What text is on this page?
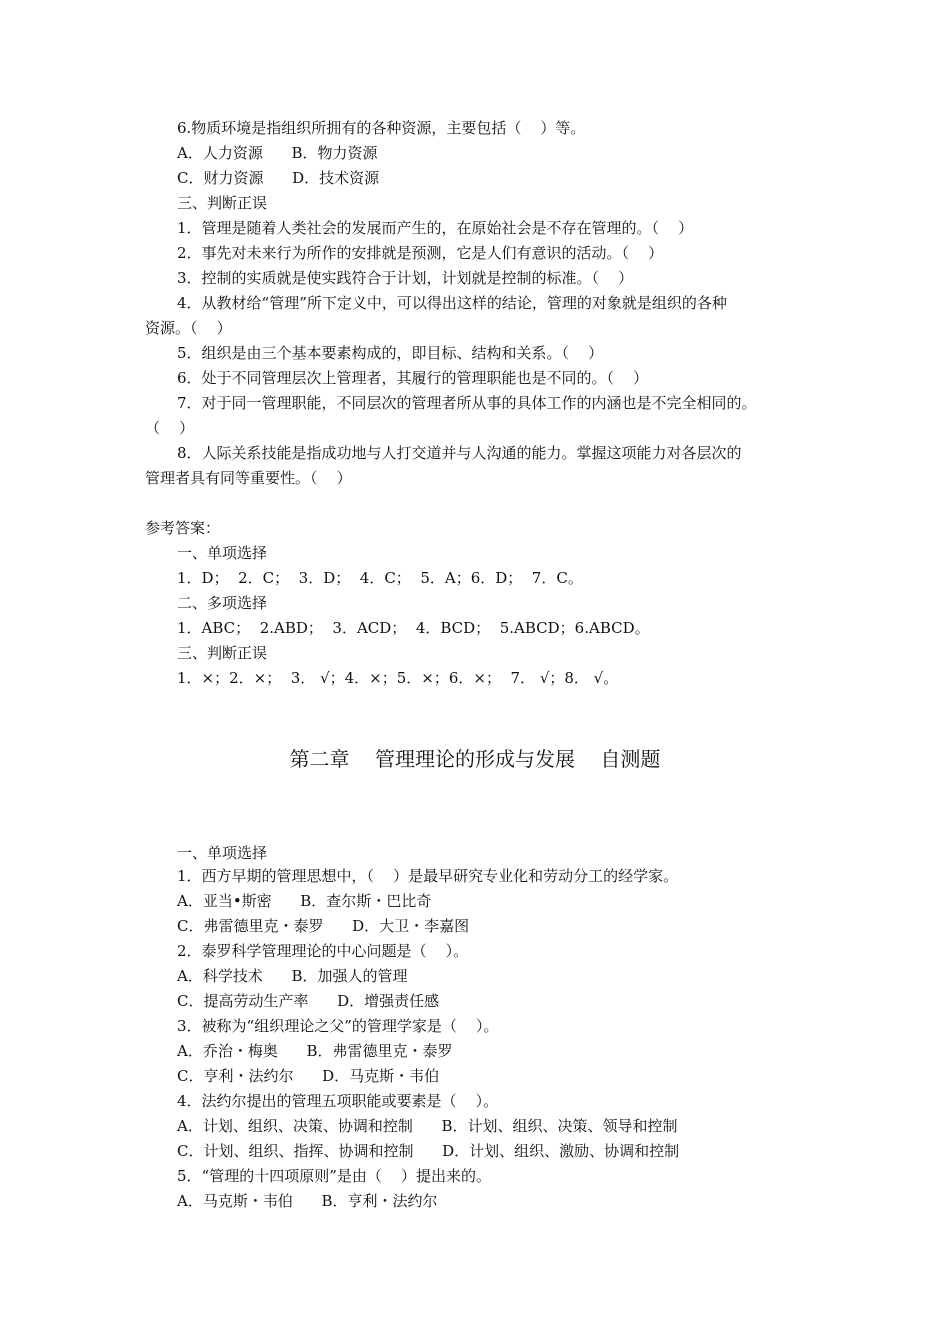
6.物质环境是指组织所拥有的各种资源，主要包括（    ）等。
A．人力资源      B．物力资源
C．财力资源      D．技术资源
三、判断正误
1．管理是随着人类社会的发展而产生的，在原始社会是不存在管理的。（    ）
2．事先对未来行为所作的安排就是预测，它是人们有意识的活动。（    ）
3．控制的实质就是使实践符合于计划，计划就是控制的标准。（    ）
4．从教材给“管理”所下定义中，可以得出这样的结论，管理的对象就是组织的各种
资源。（    ）
5．组织是由三个基本要素构成的，即目标、结构和关系。（    ）
6．处于不同管理层次上管理者，其履行的管理职能也是不同的。（    ）
7．对于同一管理职能，不同层次的管理者所从事的具体工作的内涵也是不完全相同的。
（    ）
8．人际关系技能是指成功地与人打交道并与人沟通的能力。掌握这项能力对各层次的
管理者具有同等重要性。（    ）
参考答案：
一、单项选择
1．D；  2．C；  3．D；  4．C；  5．A；6．D；  7．C。
二、多项选择
1．ABC；  2.ABD；  3．ACD；  4．BCD；  5.ABCD；6.ABCD。
三、判断正误
1．×；2．×；  3． √；4．×；5．×；6．×；  7． √；8． √。
第二章    管理理论的形成与发展    自测题
一、单项选择
1．西方早期的管理思想中，（    ）是最早研究专业化和劳动分工的经学家。
A．亚当•斯密      B．查尔斯・巴比奇
C．弗雷德里克・泰罗      D．大卫・李嘉图
2．泰罗科学管理理论的中心问题是（    ）。
A．科学技术      B．加强人的管理
C．提高劳动生产率      D．增强责任感
3．被称为“组织理论之父”的管理学家是（    ）。
A．乔治・梅奥      B．弗雷德里克・泰罗
C．亨利・法约尔      D．马克斯・韦伯
4．法约尔提出的管理五项职能或要素是（    ）。
A．计划、组织、决策、协调和控制      B．计划、组织、决策、领导和控制
C．计划、组织、指挥、协调和控制      D．计划、组织、激励、协调和控制
5．“管理的十四项原则”是由（    ）提出来的。
A．马克斯・韦伯      B．亨利・法约尔
